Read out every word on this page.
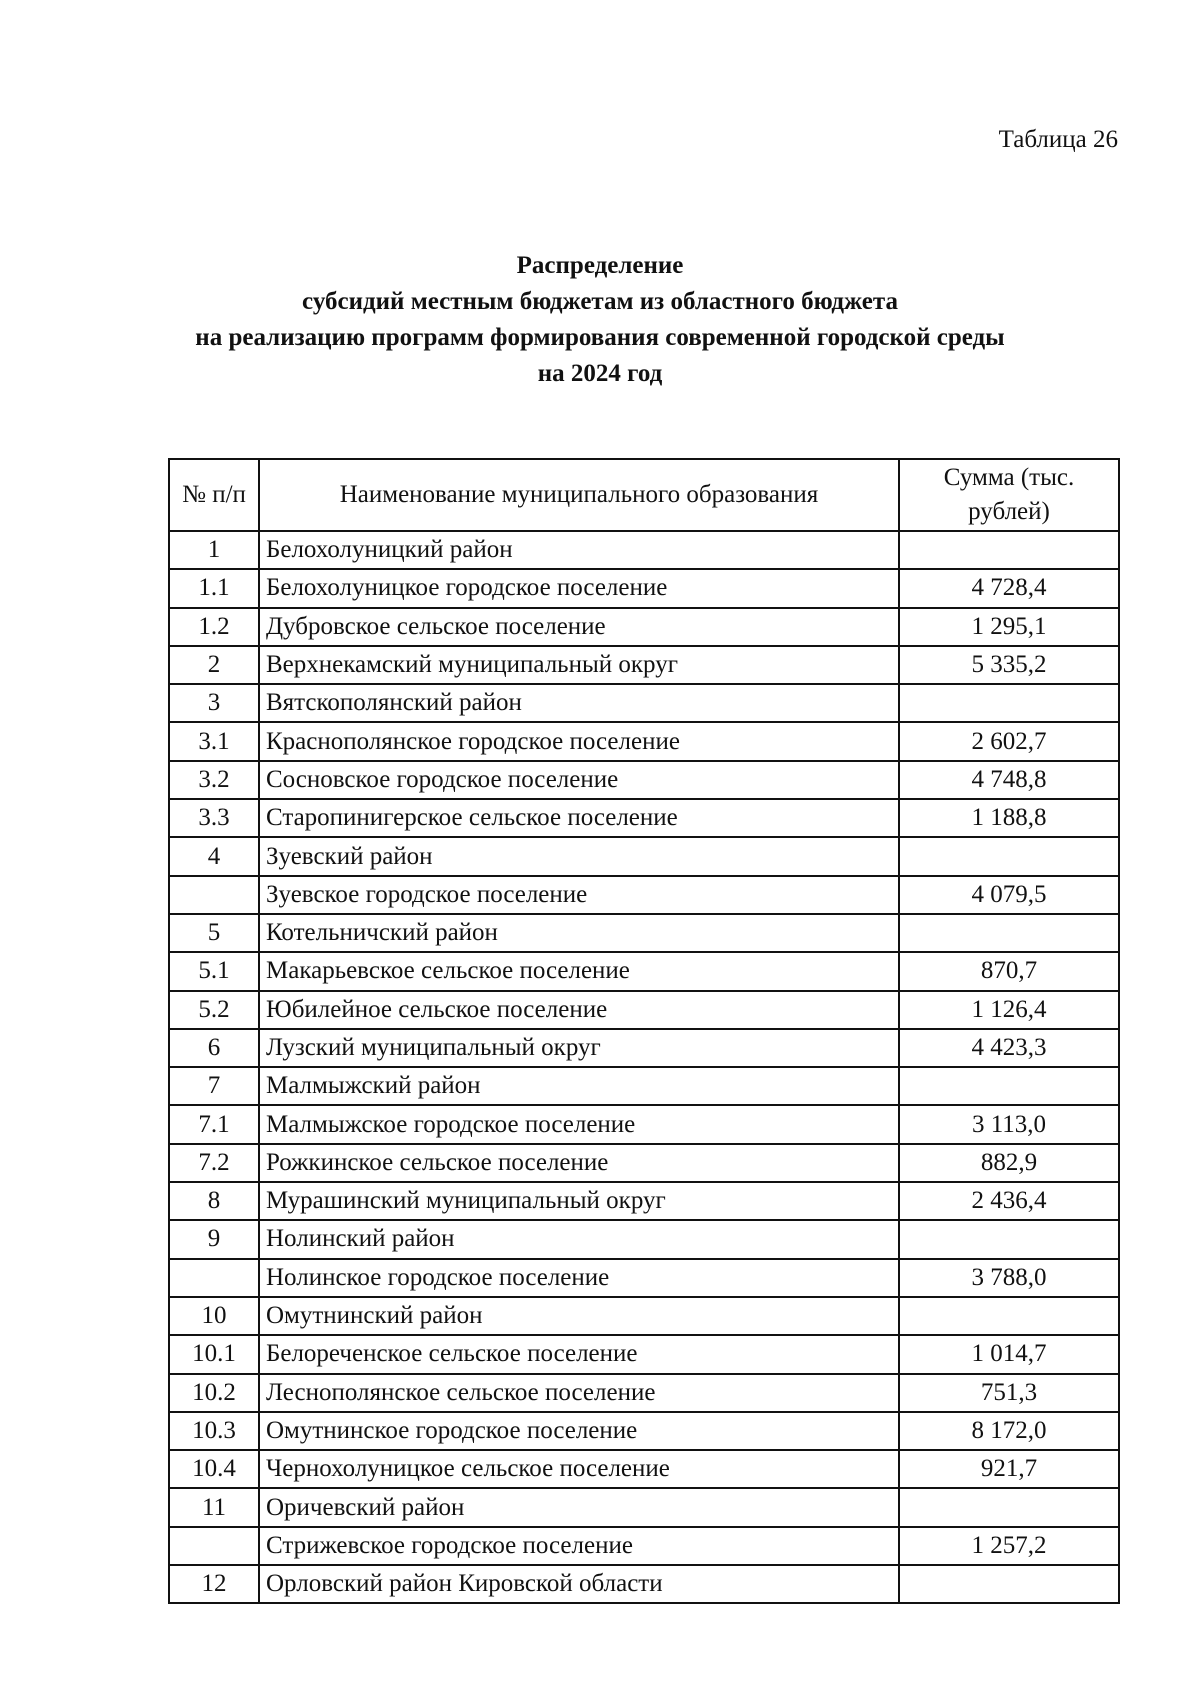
Таблица 26
Распределение
субсидий местным бюджетам из областного бюджета
на реализацию программ формирования современной городской среды
на 2024 год
№ п/п	Наименование муниципального образования	Сумма (тыс. рублей)
1	Белохолуницкий район	
1.1	Белохолуницкое городское поселение	4 728,4
1.2	Дубровское сельское поселение	1 295,1
2	Верхнекамский муниципальный округ	5 335,2
3	Вятскополянский район	
3.1	Краснополянское городское поселение	2 602,7
3.2	Сосновское городское поселение	4 748,8
3.3	Старопинигерское сельское поселение	1 188,8
4	Зуевский район	
	Зуевское городское поселение	4 079,5
5	Котельничский район	
5.1	Макарьевское сельское поселение	870,7
5.2	Юбилейное сельское поселение	1 126,4
6	Лузский муниципальный округ	4 423,3
7	Малмыжский район	
7.1	Малмыжское городское поселение	3 113,0
7.2	Рожкинское сельское поселение	882,9
8	Мурашинский муниципальный округ	2 436,4
9	Нолинский район	
	Нолинское городское поселение	3 788,0
10	Омутнинский район	
10.1	Белореченское сельское поселение	1 014,7
10.2	Леснополянское сельское поселение	751,3
10.3	Омутнинское городское поселение	8 172,0
10.4	Чернохолуницкое сельское поселение	921,7
11	Оричевский район	
	Стрижевское городское поселение	1 257,2
12	Орловский район Кировской области	
